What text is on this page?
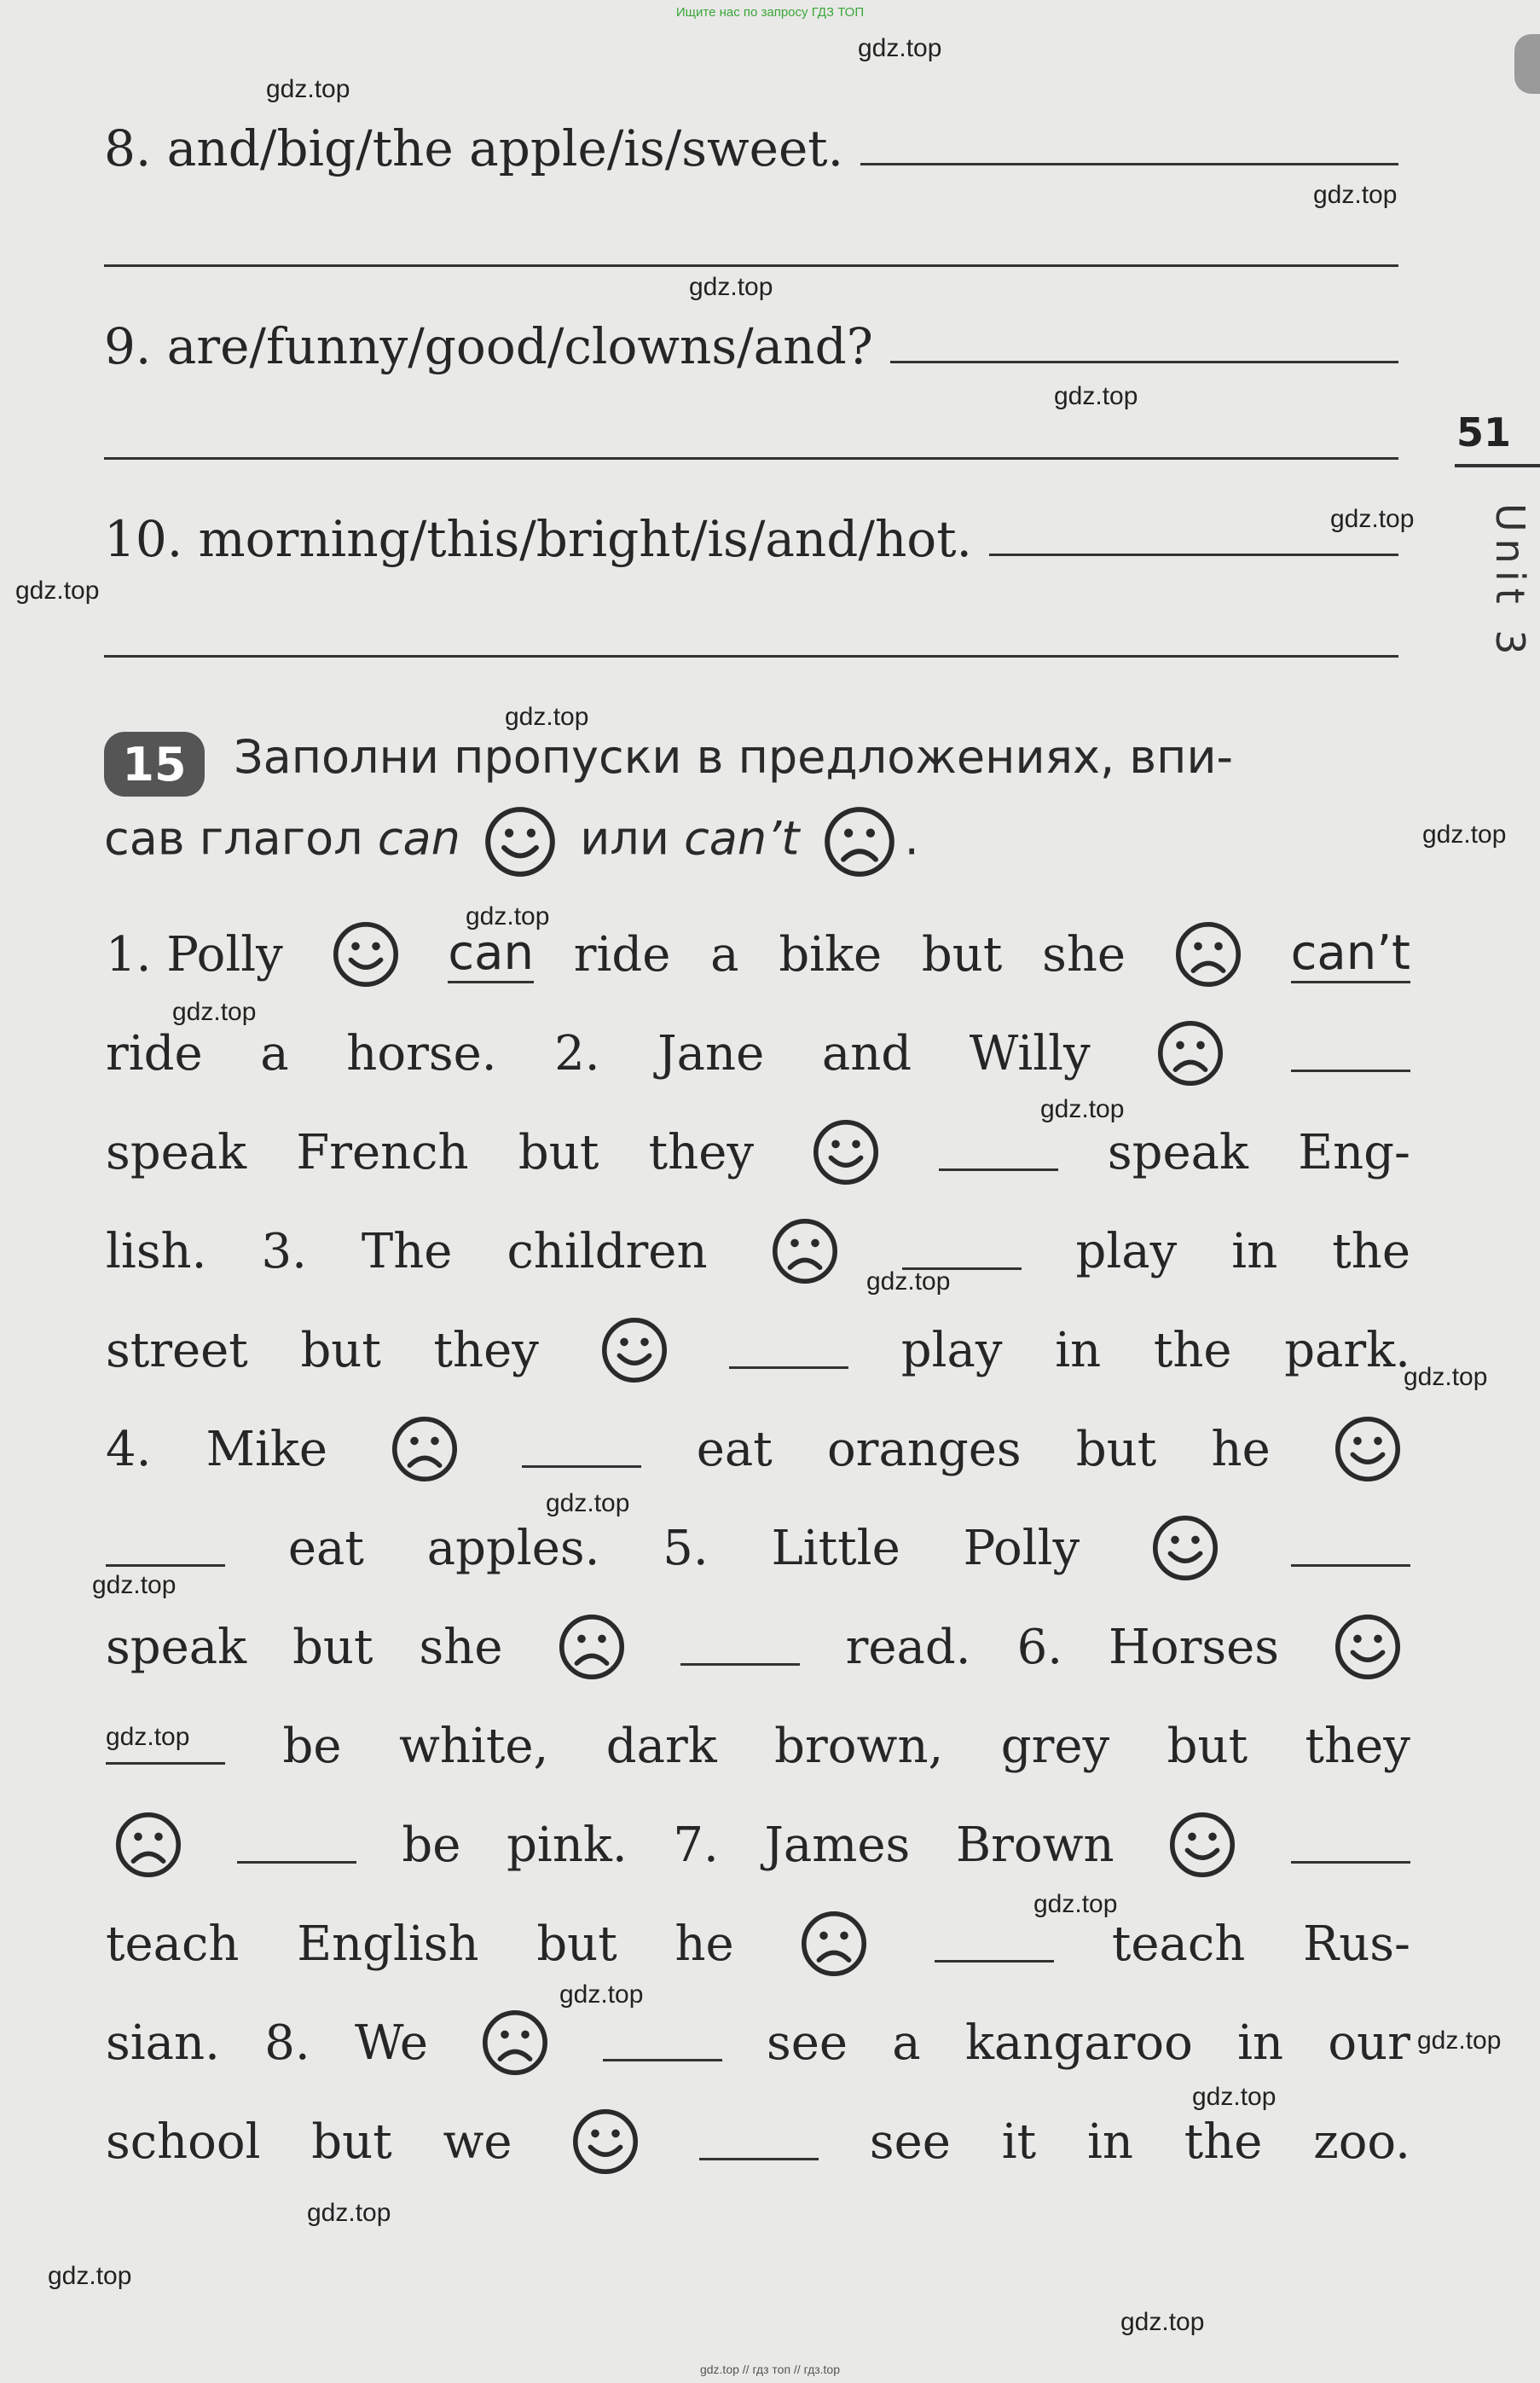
Ищите нас по запросу ГДЗ ТОП
gdz.top
gdz.top
gdz.top
gdz.top
gdz.top
gdz.top
gdz.top
gdz.top
gdz.top
gdz.top
gdz.top
gdz.top
gdz.top
gdz.top
gdz.top
gdz.top
gdz.top
gdz.top
gdz.top
gdz.top
gdz.top
gdz.top
gdz.top
gdz.top
8. and/big/the apple/is/sweet.
9. are/funny/good/clowns/and?
10. morning/this/bright/is/and/hot.
51
Unit 3
15	Заполни пропуски в предложениях, впи-
сав глагол can	или can’t .
1. Polly	can ride a bike but she	can’t
ride a horse. 2. Jane and Willy
speak French but they	speak Eng-
lish. 3. The children	play in the
street but they	play in the park.
4. Mike	eat oranges but he
eat apples. 5. Little Polly
speak but she	read. 6. Horses
be white, dark brown, grey but they
be pink. 7. James Brown
teach English but he	teach Rus-
sian. 8. We	see a kangaroo in our
school but we	see it in the zoo.
gdz.top // гдз топ // гдз.top
